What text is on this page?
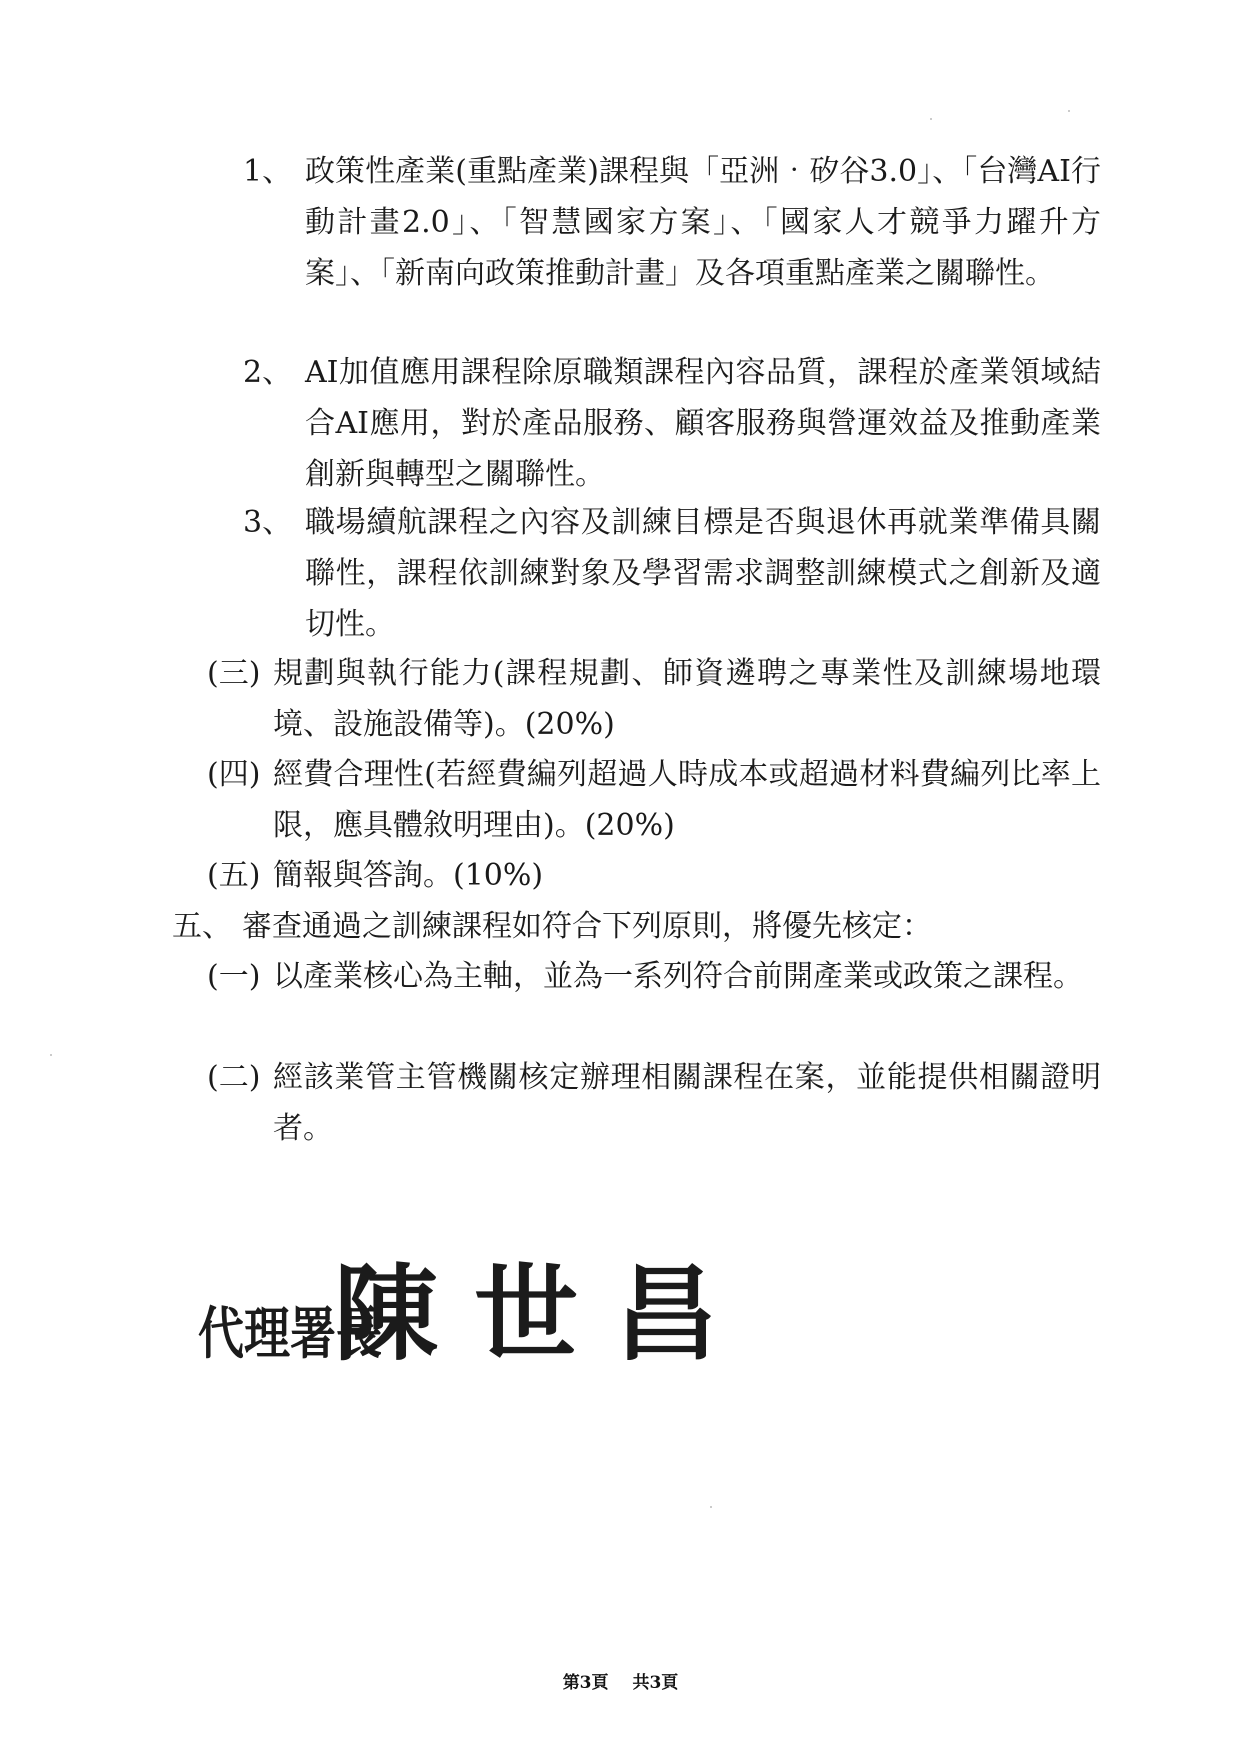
1、 政策性產業(重點產業)課程與「亞洲‧矽谷3.0」、「台灣AI行動計畫2.0」、「智慧國家方案」、「國家人才競爭力躍升方案」、「新南向政策推動計畫」及各項重點產業之關聯性。
2、 AI加值應用課程除原職類課程內容品質，課程於產業領域結合AI應用，對於產品服務、顧客服務與營運效益及推動產業創新與轉型之關聯性。
3、 職場續航課程之內容及訓練目標是否與退休再就業準備具關聯性，課程依訓練對象及學習需求調整訓練模式之創新及適切性。
(三) 規劃與執行能力(課程規劃、師資遴聘之專業性及訓練場地環境、設施設備等)。(20%)
(四) 經費合理性(若經費編列超過人時成本或超過材料費編列比率上限，應具體敘明理由)。(20%)
(五) 簡報與答詢。(10%)
五、 審查通過之訓練課程如符合下列原則，將優先核定：
(一) 以產業核心為主軸，並為一系列符合前開產業或政策之課程。
(二) 經該業管主管機關核定辦理相關課程在案，並能提供相關證明者。
代理署長
陳世昌
第3頁 共3頁
